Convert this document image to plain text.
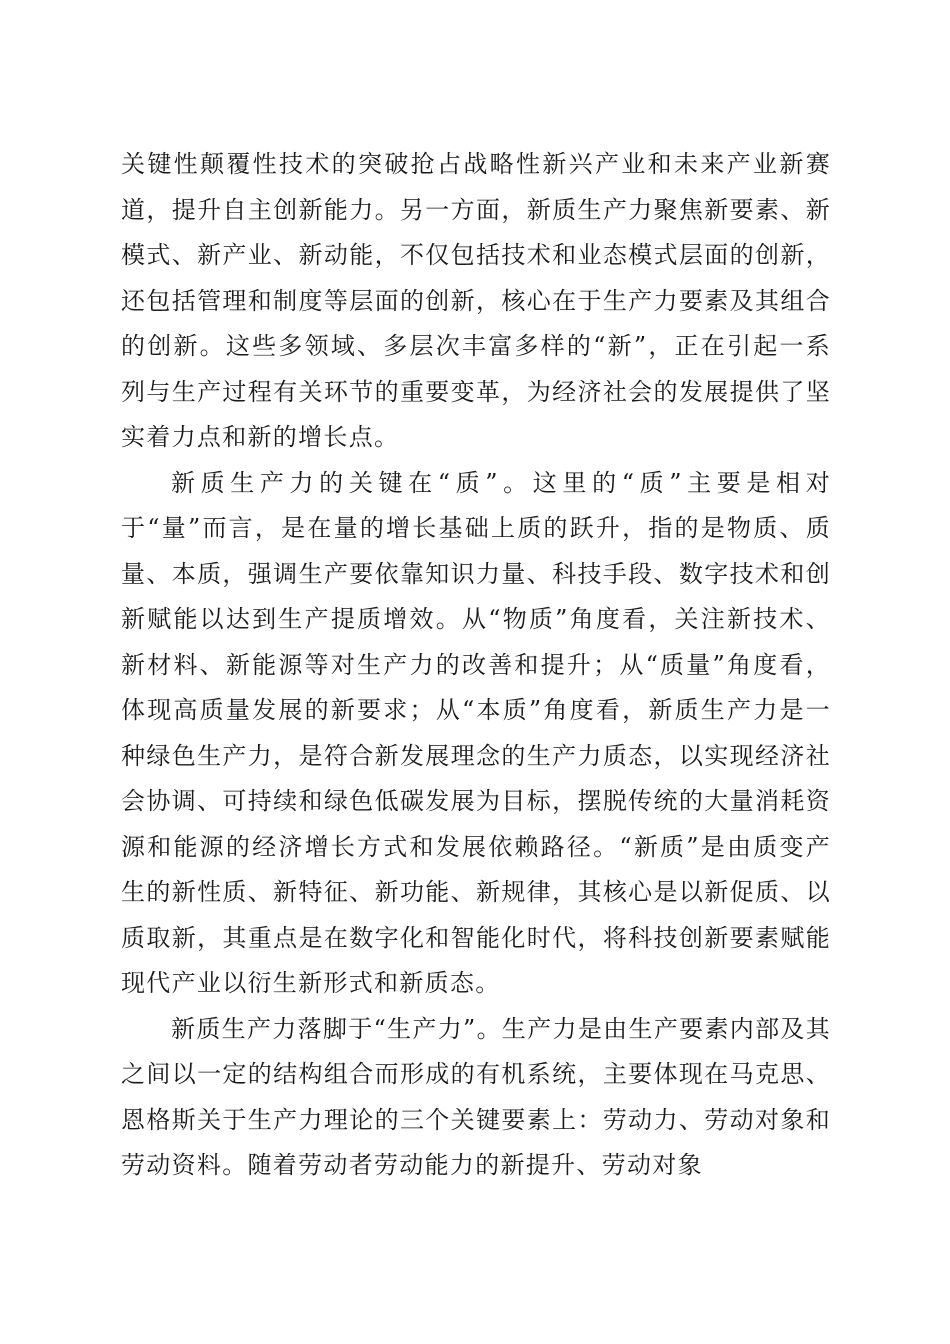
关键性颠覆性技术的突破抢占战略性新兴产业和未来产业新赛道，提升自主创新能力。另一方面，新质生产力聚焦新要素、新模式、新产业、新动能，不仅包括技术和业态模式层面的创新，还包括管理和制度等层面的创新，核心在于生产力要素及其组合的创新。这些多领域、多层次丰富多样的“新”，正在引起一系列与生产过程有关环节的重要变革，为经济社会的发展提供了坚实着力点和新的增长点。

新质生产力的关键在“质”。这里的“质”主要是相对于“量”而言，是在量的增长基础上质的跃升，指的是物质、质量、本质，强调生产要依靠知识力量、科技手段、数字技术和创新赋能以达到生产提质增效。从“物质”角度看，关注新技术、新材料、新能源等对生产力的改善和提升；从“质量”角度看，体现高质量发展的新要求；从“本质”角度看，新质生产力是一种绿色生产力，是符合新发展理念的生产力质态，以实现经济社会协调、可持续和绿色低碳发展为目标，摆脱传统的大量消耗资源和能源的经济增长方式和发展依赖路径。“新质”是由质变产生的新性质、新特征、新功能、新规律，其核心是以新促质、以质取新，其重点是在数字化和智能化时代，将科技创新要素赋能现代产业以衍生新形式和新质态。

新质生产力落脚于“生产力”。生产力是由生产要素内部及其之间以一定的结构组合而形成的有机系统，主要体现在马克思、恩格斯关于生产力理论的三个关键要素上：劳动力、劳动对象和劳动资料。随着劳动者劳动能力的新提升、劳动对象
